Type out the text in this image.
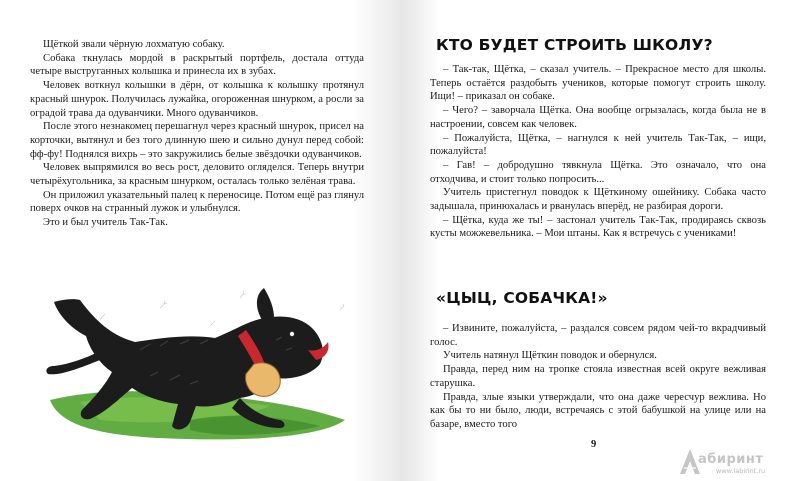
Щёткой звали чёрную лохматую собаку.

Собака ткнулась мордой в раскрытый портфель, достала оттуда четыре выструганных колышка и принесла их в зубах.

Человек воткнул колышки в дёрн, от колышка к колышку протянул красный шнурок. Получилась лужайка, огороженная шнурком, а росли за оградой трава да одуванчики. Много одуванчиков.

После этого незнакомец перешагнул через красный шнурок, присел на корточки, вытянул и без того длинную шею и сильно дунул перед собой: фф-фу! Поднялся вихрь – это закружились белые звёздочки одуванчиков.

Человек выпрямился во весь рост, деловито огляделся. Теперь внутри четырёхугольника, за красным шнурком, осталась только зелёная трава.

Он приложил указательный палец к переносице. Потом ещё раз глянул поверх очков на странный лужок и улыбнулся.

Это и был учитель Так-Так.

КТО БУДЕТ СТРОИТЬ ШКОЛУ?

– Так-так, Щётка, – сказал учитель. – Прекрасное место для школы. Теперь остаётся раздобыть учеников, которые помогут строить школу. Ищи! – приказал он собаке.

– Чего? – заворчала Щётка. Она вообще огрызалась, когда была не в настроении, совсем как человек.

– Пожалуйста, Щётка, – нагнулся к ней учитель Так-Так, – ищи, пожалуйста!

– Гав! – добродушно тявкнула Щётка. Это означало, что она отходчива, и стоит только попросить...

Учитель пристегнул поводок к Щёткиному ошейнику. Собака часто задышала, принюхалась и рванулась вперёд, не разбирая дороги.

– Щётка, куда же ты! – застонал учитель Так-Так, продираясь сквозь кусты можжевельника. – Мои штаны. Как я встречусь с учениками!

«ЦЫЦ, СОБАЧКА!»

– Извините, пожалуйста, – раздался совсем рядом чей-то вкрадчивый голос.

Учитель натянул Щёткин поводок и обернулся.

Правда, перед ним на тропке стояла известная всей округе вежливая старушка.

Правда, злые языки утверждали, что она даже чересчур вежлива. Но как бы то ни было, люди, встречаясь с этой бабушкой на улице или на базаре, вместо того

9
абиринт
www.labirint.ru
